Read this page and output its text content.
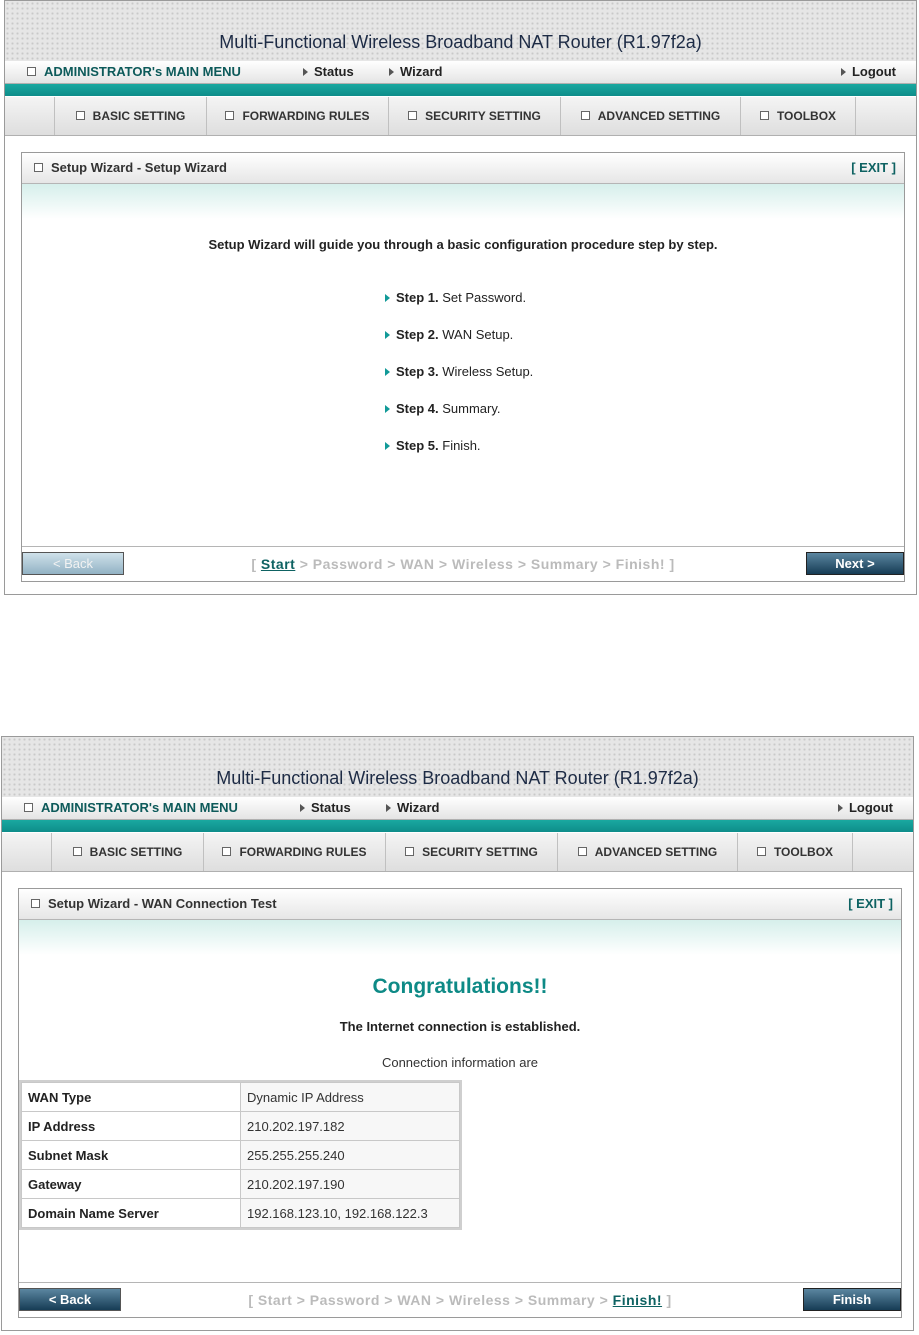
Multi-Functional Wireless Broadband NAT Router (R1.97f2a)
ADMINISTRATOR's MAIN MENU	Status	Wizard	Logout
BASIC SETTING	FORWARDING RULES	SECURITY SETTING	ADVANCED SETTING	TOOLBOX
Setup Wizard - Setup Wizard	[ EXIT ]
Setup Wizard will guide you through a basic configuration procedure step by step.
Step 1. Set Password.
Step 2. WAN Setup.
Step 3. Wireless Setup.
Step 4. Summary.
Step 5. Finish.
< Back	[ Start > Password > WAN > Wireless > Summary > Finish! ]	Next >
Multi-Functional Wireless Broadband NAT Router (R1.97f2a)
ADMINISTRATOR's MAIN MENU	Status	Wizard	Logout
BASIC SETTING	FORWARDING RULES	SECURITY SETTING	ADVANCED SETTING	TOOLBOX
Setup Wizard - WAN Connection Test	[ EXIT ]
Congratulations!!
The Internet connection is established.
Connection information are
WAN Type	Dynamic IP Address
IP Address	210.202.197.182
Subnet Mask	255.255.255.240
Gateway	210.202.197.190
Domain Name Server	192.168.123.10, 192.168.122.3
< Back	[ Start > Password > WAN > Wireless > Summary > Finish! ]	Finish
